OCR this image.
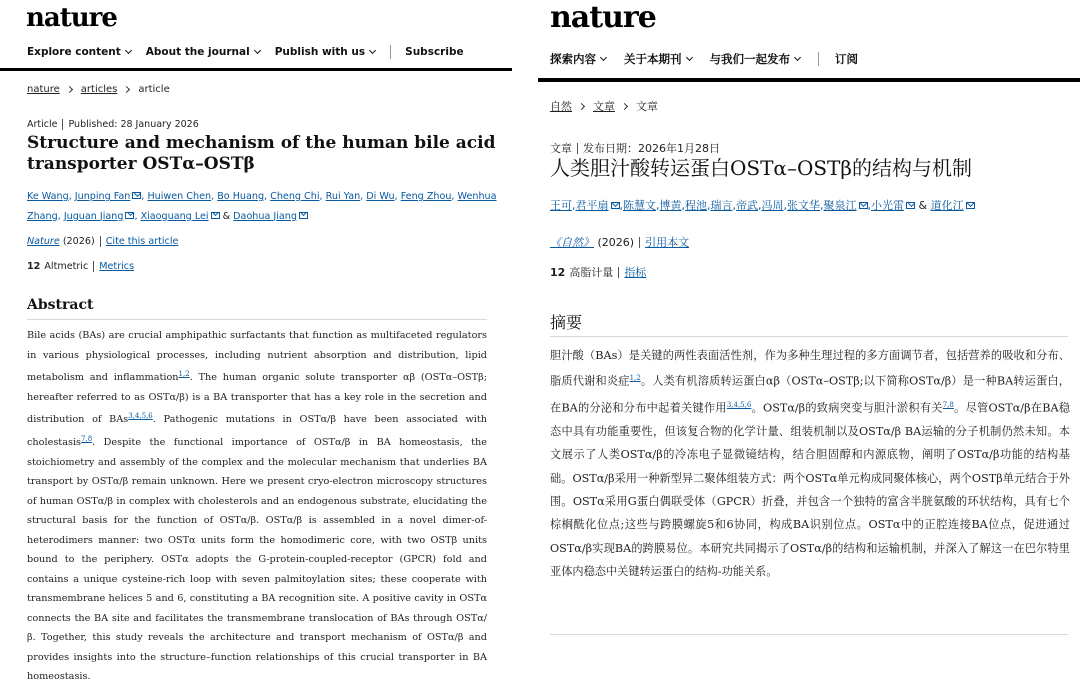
nature
Explore content About the journal Publish with us	Subscribe
nature articles article
Article Published: 28 January 2026
Structure and mechanism of the human bile acid transporter OSTα–OSTβ
Ke Wang, Junping Fan , Huiwen Chen, Bo Huang, Cheng Chi, Rui Yan, Di Wu, Feng Zhou, Wenhua Zhang, Juguan Jiang , Xiaoguang Lei & Daohua Jiang
Nature
(2026) Cite this article
12 Altmetric Metrics
Abstract

Bile acids (BAs) are crucial amphipathic surfactants that function as multifaceted regulators in various physiological processes, including nutrient absorption and distribution, lipid metabolism and inflammation$^{1,2}$. The human organic solute transporter αβ (OSTα–OSTβ; hereafter referred to as OSTα/β) is a BA transporter that has a key role in the secretion and distribution of BAs$^{3,4,5,6}$. Pathogenic mutations in OSTα/β have been associated with cholestasis$^{7,8}$. Despite the functional importance of OSTα/β in BA homeostasis, the stoichiometry and assembly of the complex and the molecular mechanism that underlies BA transport by OSTα/β remain unknown. Here we present cryo-electron microscopy structures of human OSTα/β in complex with cholesterols and an endogenous substrate, elucidating the structural basis for the function of OSTα/β. OSTα/β is assembled in a novel dimer-of-heterodimers manner: two OSTα units form the homodimeric core, with two OSTβ units bound to the periphery. OSTα adopts the G-protein-coupled-receptor (GPCR) fold and contains a unique cysteine-rich loop with seven palmitoylation sites; these cooperate with transmembrane helices 5 and 6, constituting a BA recognition site. A positive cavity in OSTα connects the BA site and facilitates the transmembrane translocation of BAs through OSTα/β. Together, this study reveals the architecture and transport mechanism of OSTα/β and provides insights into the structure–function relationships of this crucial transporter in BA homeostasis.

nature
探索内容 关于本期刊 与我们一起发布	订阅
自然 文章 文章
文章 发布日期：2026年1月28日
人类胆汁酸转运蛋白OSTα–OSTβ的结构与机制
王可,君平扇 ,陈慧文,博黄,程池,瑞言,帝武,冯周,张文华,聚泉江 ,小光雷 & 道化江
《自然》
(2026) 引用本文
12 高脂计量 指标
摘要

胆汁酸（BAs）是关键的两性表面活性剂，作为多种生理过程的多方面调节者，包括营养的吸收和分布、脂质代谢和炎症$^{1,2}$。人类有机溶质转运蛋白αβ（OSTα–OSTβ;以下简称OSTα/β）是一种BA转运蛋白，在BA的分泌和分布中起着关键作用$^{3,4,5,6}$。OSTα/β的致病突变与胆汁淤积有关$^{7,8}$。尽管OSTα/β在BA稳态中具有功能重要性，但该复合物的化学计量、组装机制以及OSTα/β BA运输的分子机制仍然未知。本文展示了人类OSTα/β的冷冻电子显微镜结构，结合胆固醇和内源底物，阐明了OSTα/β功能的结构基础。OSTα/β采用一种新型异二聚体组装方式：两个OSTα单元构成同聚体核心，两个OSTβ单元结合于外围。OSTα采用G蛋白偶联受体（GPCR）折叠，并包含一个独特的富含半胱氨酸的环状结构，具有七个棕榈酰化位点;这些与跨膜螺旋5和6协同，构成BA识别位点。OSTα中的正腔连接BA位点，促进通过OSTα/β实现BA的跨膜易位。本研究共同揭示了OSTα/β的结构和运输机制，并深入了解这一在巴尔特里亚体内稳态中关键转运蛋白的结构-功能关系。
